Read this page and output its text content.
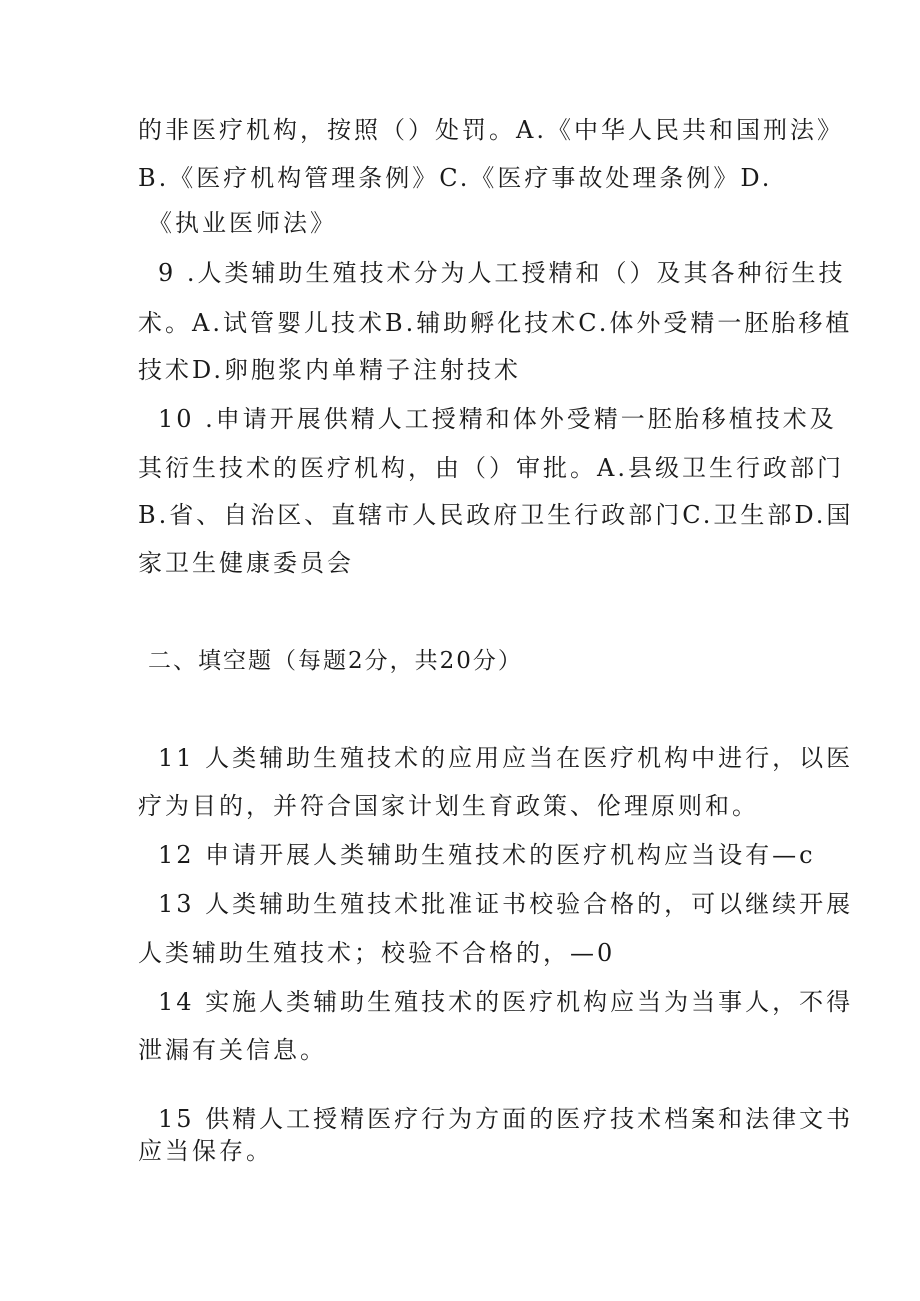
的非医疗机构，按照（）处罚。A.《中华人民共和国刑法》
B.《医疗机构管理条例》C.《医疗事故处理条例》D.
《执业医师法》
9 .人类辅助生殖技术分为人工授精和（）及其各种衍生技
术。A.试管婴儿技术B.辅助孵化技术C.体外受精一胚胎移植
技术D.卵胞浆内单精子注射技术
10 .申请开展供精人工授精和体外受精一胚胎移植技术及
其衍生技术的医疗机构，由（）审批。A.县级卫生行政部门
B.省、自治区、直辖市人民政府卫生行政部门C.卫生部D.国
家卫生健康委员会
二、填空题（每题2分，共20分）
11 人类辅助生殖技术的应用应当在医疗机构中进行，以医
疗为目的，并符合国家计划生育政策、伦理原则和。
12 申请开展人类辅助生殖技术的医疗机构应当设有—c
13 人类辅助生殖技术批准证书校验合格的，可以继续开展
人类辅助生殖技术；校验不合格的，—0
14 实施人类辅助生殖技术的医疗机构应当为当事人，不得
泄漏有关信息。
15 供精人工授精医疗行为方面的医疗技术档案和法律文书
应当保存。
